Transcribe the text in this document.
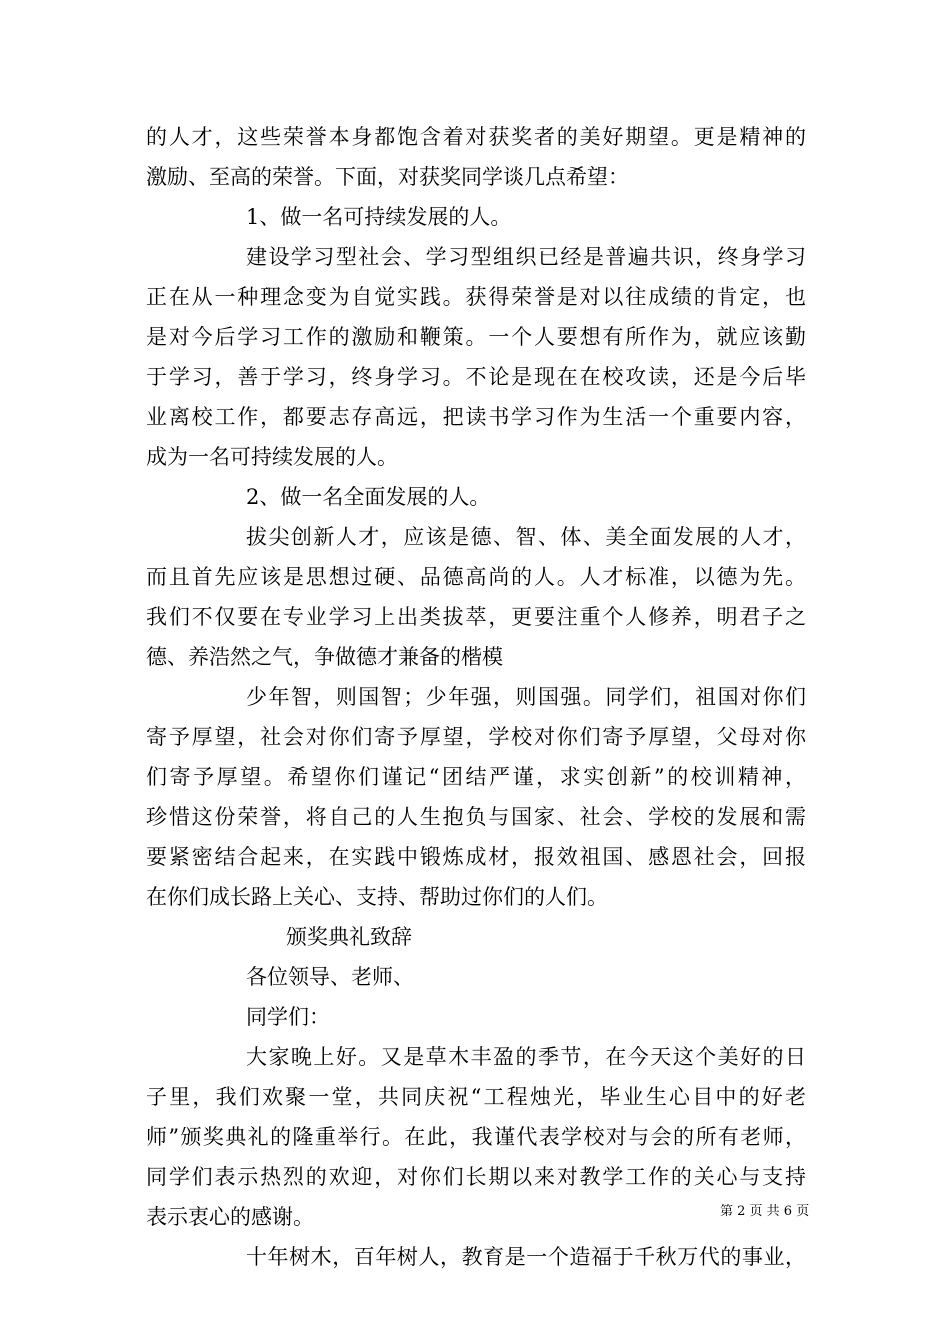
的人才，这些荣誉本身都饱含着对获奖者的美好期望。更是精神的
激励、至高的荣誉。下面，对获奖同学谈几点希望：
1、做一名可持续发展的人。
建设学习型社会、学习型组织已经是普遍共识，终身学习
正在从一种理念变为自觉实践。获得荣誉是对以往成绩的肯定，也
是对今后学习工作的激励和鞭策。一个人要想有所作为，就应该勤
于学习，善于学习，终身学习。不论是现在在校攻读，还是今后毕
业离校工作，都要志存高远，把读书学习作为生活一个重要内容，
成为一名可持续发展的人。
2、做一名全面发展的人。
拔尖创新人才，应该是德、智、体、美全面发展的人才，
而且首先应该是思想过硬、品德高尚的人。人才标准，以德为先。
我们不仅要在专业学习上出类拔萃，更要注重个人修养，明君子之
德、养浩然之气，争做德才兼备的楷模
少年智，则国智；少年强，则国强。同学们，祖国对你们
寄予厚望，社会对你们寄予厚望，学校对你们寄予厚望，父母对你
们寄予厚望。希望你们谨记“团结严谨，求实创新”的校训精神，
珍惜这份荣誉，将自己的人生抱负与国家、社会、学校的发展和需
要紧密结合起来，在实践中锻炼成材，报效祖国、感恩社会，回报
在你们成长路上关心、支持、帮助过你们的人们。
颁奖典礼致辞
各位领导、老师、
同学们：
大家晚上好。又是草木丰盈的季节，在今天这个美好的日
子里，我们欢聚一堂，共同庆祝“工程烛光，毕业生心目中的好老
师”颁奖典礼的隆重举行。在此，我谨代表学校对与会的所有老师，
同学们表示热烈的欢迎，对你们长期以来对教学工作的关心与支持
表示衷心的感谢。
十年树木，百年树人，教育是一个造福于千秋万代的事业，
第 2 页 共 6 页
